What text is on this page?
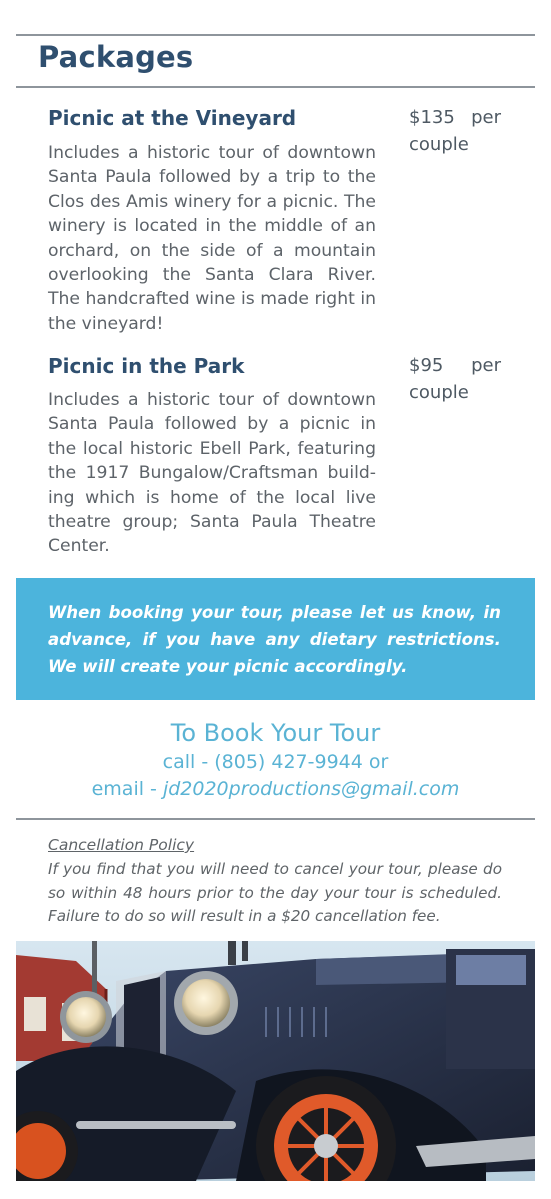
Packages
Picnic at the Vineyard	$135 per couple

Includes a historic tour of downtown Santa Paula followed by a trip to the Clos des Amis winery for a picnic. The winery is located in the middle of an orchard, on the side of a mountain overlooking the Santa Clara River. The handcrafted wine is made right in the vineyard!

Picnic in the Park	$95 per couple

Includes a historic tour of downtown Santa Paula followed by a picnic in the local historic Ebell Park, featuring the 1917 Bungalow/Craftsman build-ing which is home of the local live theatre group; Santa Paula Theatre Center.

When booking your tour, please let us know, in advance, if you have any dietary restrictions. We will create your picnic accordingly.

To Book Your Tour
call - (805) 427-9944 or
email - jd2020productions@gmail.com
Cancellation Policy

If you find that you will need to cancel your tour, please do so within 48 hours prior to the day your tour is scheduled. Failure to do so will result in a $20 cancellation fee.
